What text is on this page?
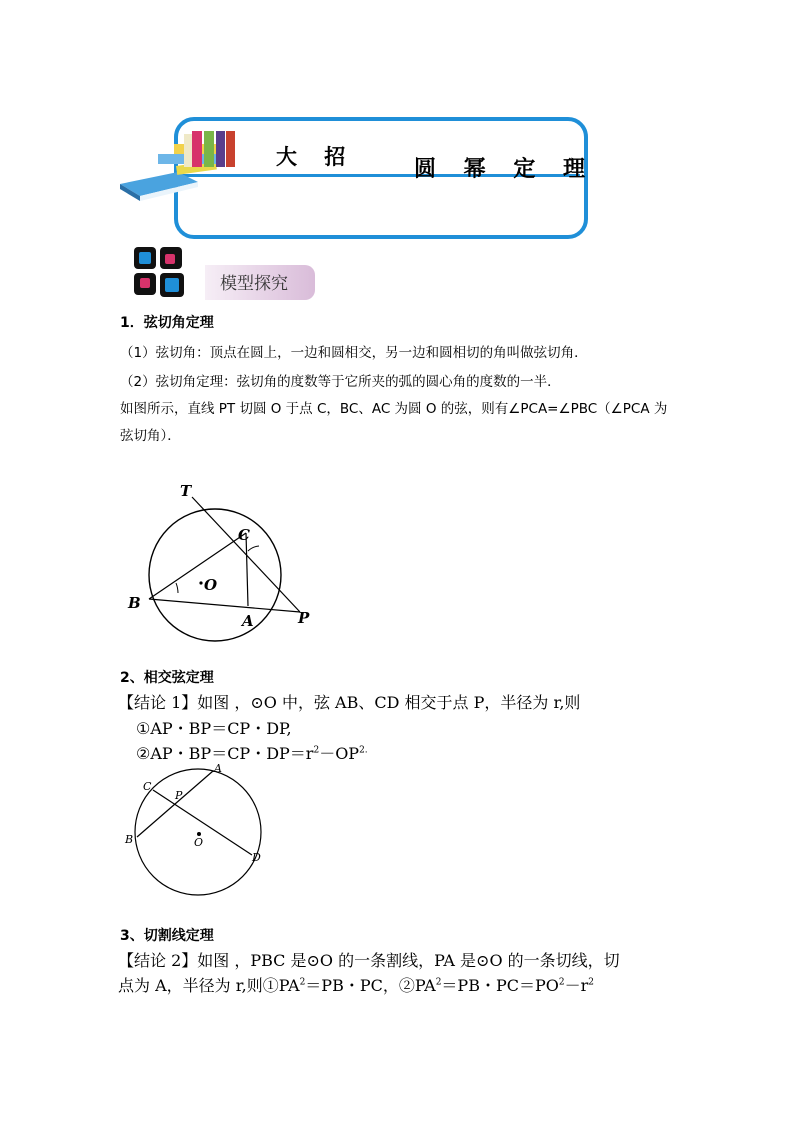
大 招	圆 幂 定 理
模型探究
1．弦切角定理
（1）弦切角：顶点在圆上，一边和圆相交，另一边和圆相切的角叫做弦切角．
（2）弦切角定理：弦切角的度数等于它所夹的弧的圆心角的度数的一半．
如图所示，直线 PT 切圆 O 于点 C，BC、AC 为圆 O 的弦，则有∠PCA=∠PBC（∠PCA 为
弦切角）．
T
C
O
B
A	P
2、相交弦定理
【结论 1】如图 ，⊙O 中，弦 AB、CD 相交于点 P，半径为 r,则
①AP・BP＝CP・DP,
②AP・BP＝CP・$DP=r^2-OP^{2.}$
A
C
P
B	O
D
3、切割线定理
【结论 2】如图 ，PBC 是⊙O 的一条割线，PA 是⊙O 的一条切线，切
点为 A，半径为 r,则$①PA^2=PB$・PC，$②PA^2=PB$・$PC=PO^2-r^2$
